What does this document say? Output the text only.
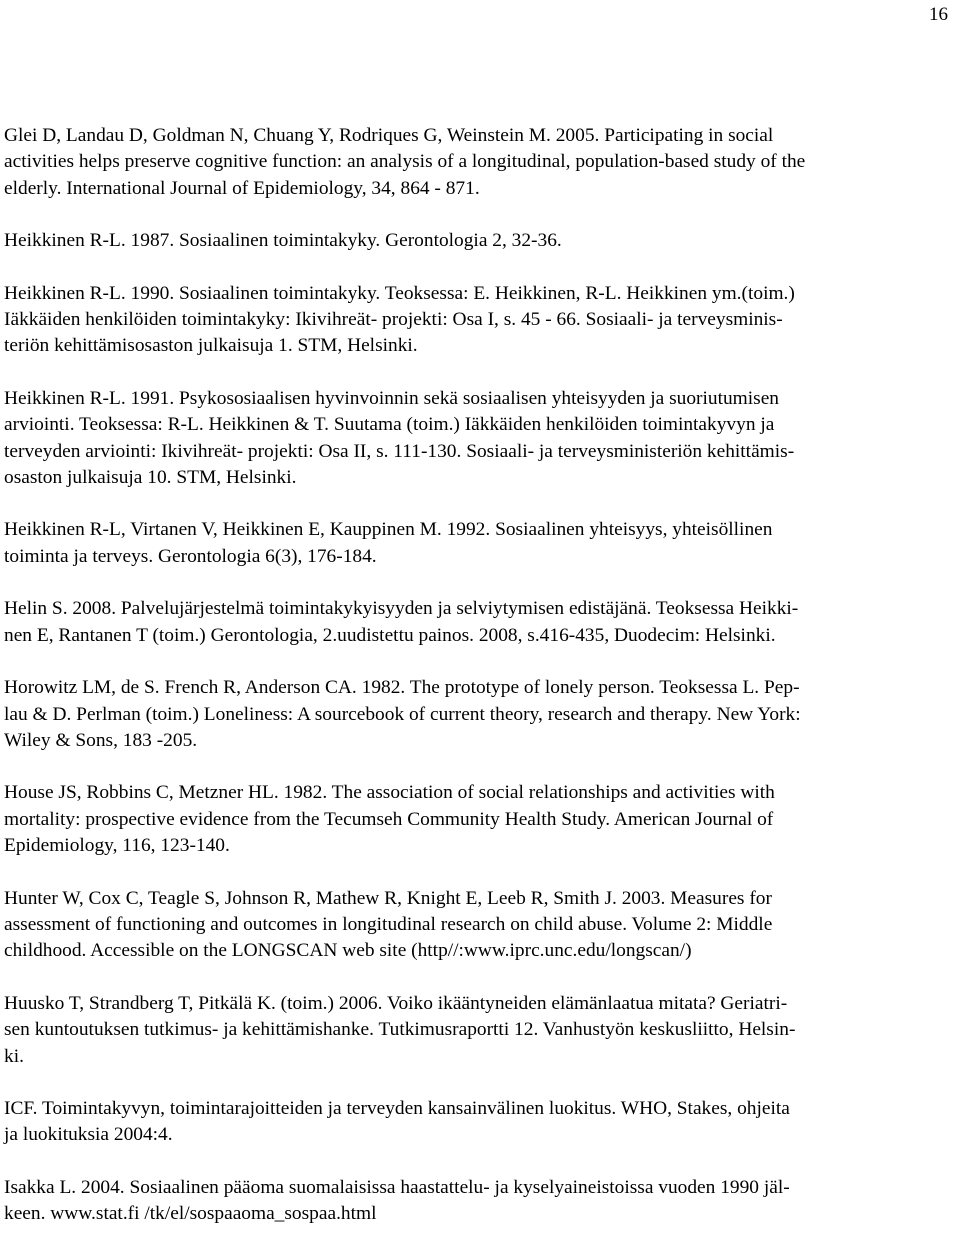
16

Glei D, Landau D, Goldman N, Chuang Y, Rodriques G, Weinstein M. 2005. Participating in social
activities helps preserve cognitive function: an analysis of a longitudinal, population-based study of the
elderly. International Journal of Epidemiology, 34, 864 - 871.

Heikkinen R-L. 1987. Sosiaalinen toimintakyky. Gerontologia 2, 32-36.

Heikkinen R-L. 1990. Sosiaalinen toimintakyky. Teoksessa: E. Heikkinen, R-L. Heikkinen ym.(toim.)
Iäkkäiden henkilöiden toimintakyky: Ikivihreät- projekti: Osa I, s. 45 - 66. Sosiaali- ja terveysminis-
teriön kehittämisosaston julkaisuja 1. STM, Helsinki.

Heikkinen R-L. 1991. Psykososiaalisen hyvinvoinnin sekä sosiaalisen yhteisyyden ja suoriutumisen
arviointi. Teoksessa: R-L. Heikkinen & T. Suutama (toim.) Iäkkäiden henkilöiden toimintakyvyn ja
terveyden arviointi: Ikivihreät- projekti: Osa II, s. 111-130. Sosiaali- ja terveysministeriön kehittämis-
osaston julkaisuja 10. STM, Helsinki.

Heikkinen R-L, Virtanen V, Heikkinen E, Kauppinen M. 1992. Sosiaalinen yhteisyys, yhteisöllinen
toiminta ja terveys. Gerontologia 6(3), 176-184.

Helin S. 2008. Palvelujärjestelmä toimintakykyisyyden ja selviytymisen edistäjänä. Teoksessa Heikki-
nen E, Rantanen T (toim.) Gerontologia, 2.uudistettu painos. 2008, s.416-435, Duodecim: Helsinki.

Horowitz LM, de S. French R, Anderson CA. 1982. The prototype of lonely person. Teoksessa L. Pep-
lau & D. Perlman (toim.) Loneliness: A sourcebook of current theory, research and therapy. New York:
Wiley & Sons, 183 -205.

House JS, Robbins C, Metzner HL. 1982. The association of social relationships and activities with
mortality: prospective evidence from the Tecumseh Community Health Study. American Journal of
Epidemiology, 116, 123-140.

Hunter W, Cox C, Teagle S, Johnson R, Mathew R, Knight E, Leeb R, Smith J. 2003. Measures for
assessment of functioning and outcomes in longitudinal research on child abuse. Volume 2: Middle
childhood. Accessible on the LONGSCAN web site (http//:www.iprc.unc.edu/longscan/)

Huusko T, Strandberg T, Pitkälä K. (toim.) 2006. Voiko ikääntyneiden elämänlaatua mitata? Geriatri-
sen kuntoutuksen tutkimus- ja kehittämishanke. Tutkimusraportti 12. Vanhustyön keskusliitto, Helsin-
ki.

ICF. Toimintakyvyn, toimintarajoitteiden ja terveyden kansainvälinen luokitus. WHO, Stakes, ohjeita
ja luokituksia 2004:4.

Isakka L. 2004. Sosiaalinen pääoma suomalaisissa haastattelu- ja kyselyaineistoissa vuoden 1990 jäl-
keen. www.stat.fi /tk/el/sospaaoma_sospaa.html
